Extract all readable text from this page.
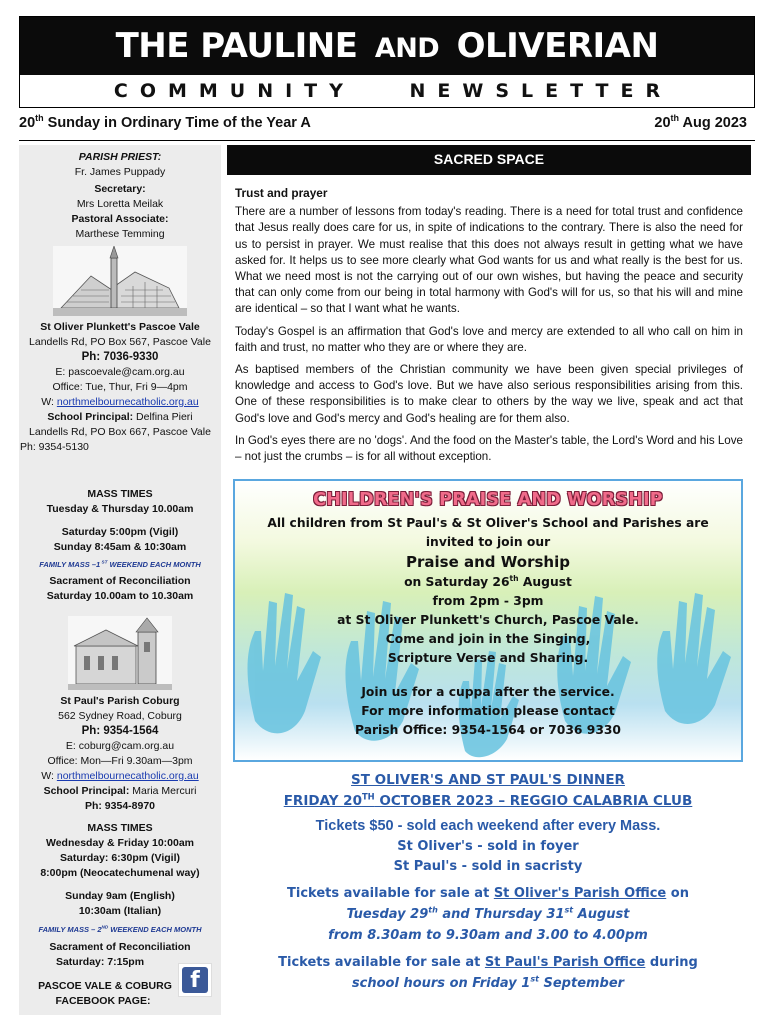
THE PAULINE AND OLIVERIAN
COMMUNITY	NEWSLETTER
20th Sunday in Ordinary Time of the Year A	20th Aug 2023
PARISH PRIEST:
Fr. James Puppady
Secretary:
Mrs Loretta Meilak
Pastoral Associate:
Marthese Temming
St Oliver Plunkett's Pascoe Vale
Landells Rd, PO Box 567, Pascoe Vale
Ph: 7036-9330
E: pascoevale@cam.org.au
Office: Tue, Thur, Fri 9—4pm
W: northmelbournecatholic.org.au
School Principal: Delfina Pieri
Landells Rd, PO Box 667, Pascoe Vale
Ph: 9354-5130
MASS TIMES
Tuesday & Thursday 10.00am
Saturday 5:00pm (Vigil)
Sunday 8:45am & 10:30am
FAMILY MASS –1 $^{ST}$ WEEKEND EACH MONTH
Sacrament of Reconciliation
Saturday 10.00am to 10.30am
St Paul's Parish Coburg
562 Sydney Road, Coburg
Ph: 9354-1564
E: coburg@cam.org.au
Office: Mon—Fri 9.30am—3pm
W: northmelbournecatholic.org.au
School Principal: Maria Mercuri
Ph: 9354-8970
MASS TIMES
Wednesday & Friday 10:00am
Saturday: 6:30pm (Vigil)
8:00pm (Neocatechumenal way)
Sunday 9am (English)
10:30am (Italian)
FAMILY MASS – 2ND WEEKEND EACH MONTH
Sacrament of Reconciliation
Saturday: 7:15pm
PASCOE VALE & COBURG
FACEBOOK PAGE:
f
SACRED SPACE
Trust and prayer

There are a number of lessons from today's reading. There is a need for total trust and confidence that Jesus really does care for us, in spite of indications to the contrary. There is also the need for us to persist in prayer. We must realise that this does not always result in getting what we have asked for. It helps us to see more clearly what God wants for us and what really is the best for us. What we need most is not the carrying out of our own wishes, but having the peace and security that can only come from our being in total harmony with God's will for us, so that his will and mine are identical – so that I want what he wants.

Today's Gospel is an affirmation that God's love and mercy are extended to all who call on him in faith and trust, no matter who they are or where they are.

As baptised members of the Christian community we have been given special privileges of knowledge and access to God's love. But we have also serious responsibilities arising from this. One of these responsibilities is to make clear to others by the way we live, speak and act that God's love and God's mercy and God's healing are for them also.

In God's eyes there are no 'dogs'. And the food on the Master's table, the Lord's Word and his Love – not just the crumbs – is for all without exception.

CHILDREN'S PRAISE AND WORSHIP
All children from St Paul's & St Oliver's School and Parishes are
invited to join our
Praise and Worship
on Saturday 26th August
from 2pm - 3pm
at St Oliver Plunkett's Church, Pascoe Vale.
Come and join in the Singing,
Scripture Verse and Sharing.
Join us for a cuppa after the service.
For more information please contact
Parish Office: 9354-1564 or 7036 9330
ST OLIVER'S AND ST PAUL'S DINNER
FRIDAY 20TH OCTOBER 2023 – REGGIO CALABRIA CLUB
Tickets $50 - sold each weekend after every Mass.
St Oliver's - sold in foyer
St Paul's - sold in sacristy
Tickets available for sale at St Oliver's Parish Office on
Tuesday 29th and Thursday 31st August
from 8.30am to 9.30am and 3.00 to 4.00pm
Tickets available for sale at St Paul's Parish Office during
school hours on Friday 1st September
